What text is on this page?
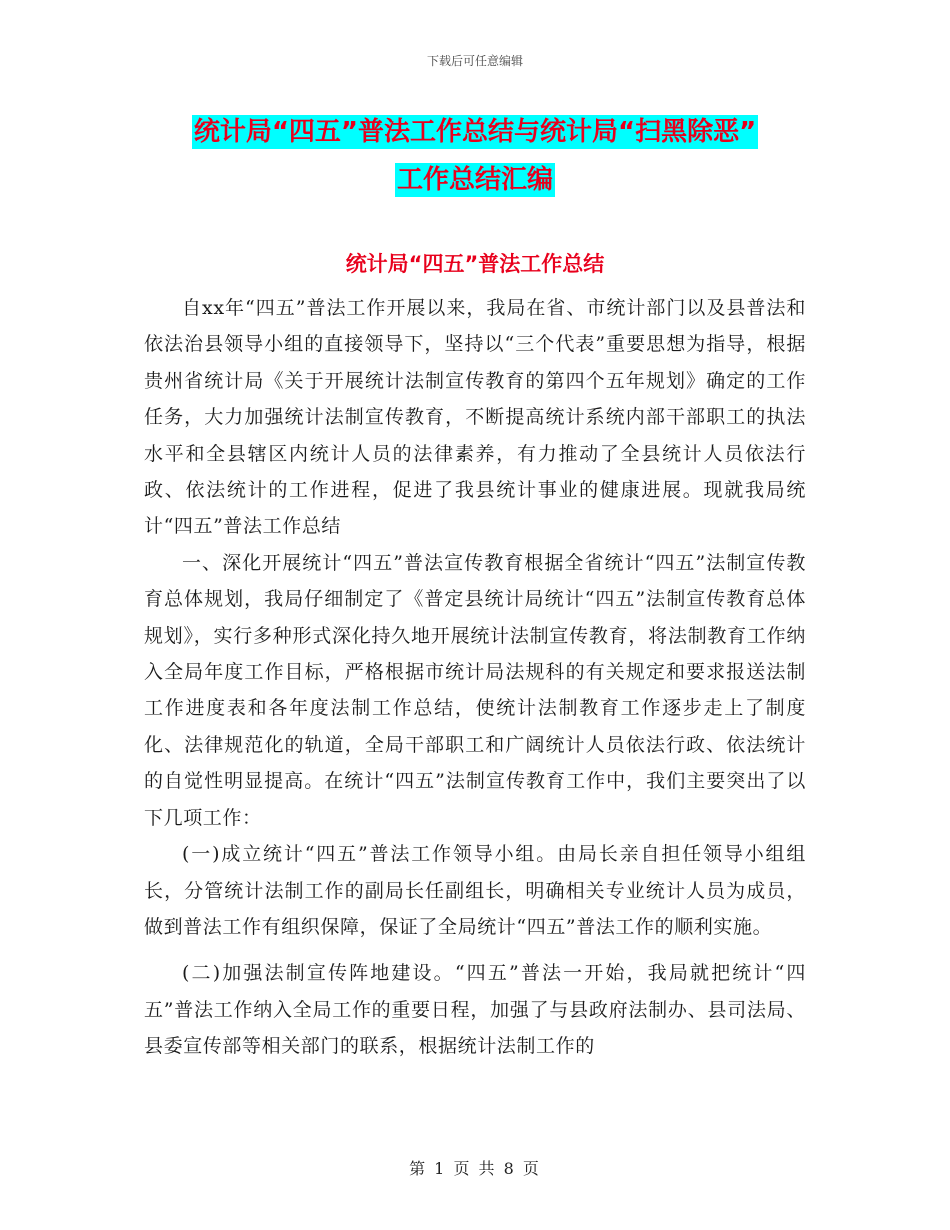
下载后可任意编辑
统计局“四五”普法工作总结与统计局“扫黑除恶”
工作总结汇编
统计局“四五”普法工作总结

自xx年“四五”普法工作开展以来，我局在省、市统计部门以及县普法和依法治县领导小组的直接领导下，坚持以“三个代表”重要思想为指导，根据贵州省统计局《关于开展统计法制宣传教育的第四个五年规划》确定的工作任务，大力加强统计法制宣传教育，不断提高统计系统内部干部职工的执法水平和全县辖区内统计人员的法律素养，有力推动了全县统计人员依法行政、依法统计的工作进程，促进了我县统计事业的健康进展。现就我局统计“四五”普法工作总结

一、深化开展统计“四五”普法宣传教育根据全省统计“四五”法制宣传教育总体规划，我局仔细制定了《普定县统计局统计“四五”法制宣传教育总体规划》，实行多种形式深化持久地开展统计法制宣传教育，将法制教育工作纳入全局年度工作目标，严格根据市统计局法规科的有关规定和要求报送法制工作进度表和各年度法制工作总结，使统计法制教育工作逐步走上了制度化、法律规范化的轨道，全局干部职工和广阔统计人员依法行政、依法统计的自觉性明显提高。在统计“四五”法制宣传教育工作中，我们主要突出了以下几项工作：

(一)成立统计“四五”普法工作领导小组。由局长亲自担任领导小组组长，分管统计法制工作的副局长任副组长，明确相关专业统计人员为成员，做到普法工作有组织保障，保证了全局统计“四五”普法工作的顺利实施。

(二)加强法制宣传阵地建设。“四五”普法一开始，我局就把统计“四五”普法工作纳入全局工作的重要日程，加强了与县政府法制办、县司法局、县委宣传部等相关部门的联系，根据统计法制工作的

第 1 页 共 8 页
